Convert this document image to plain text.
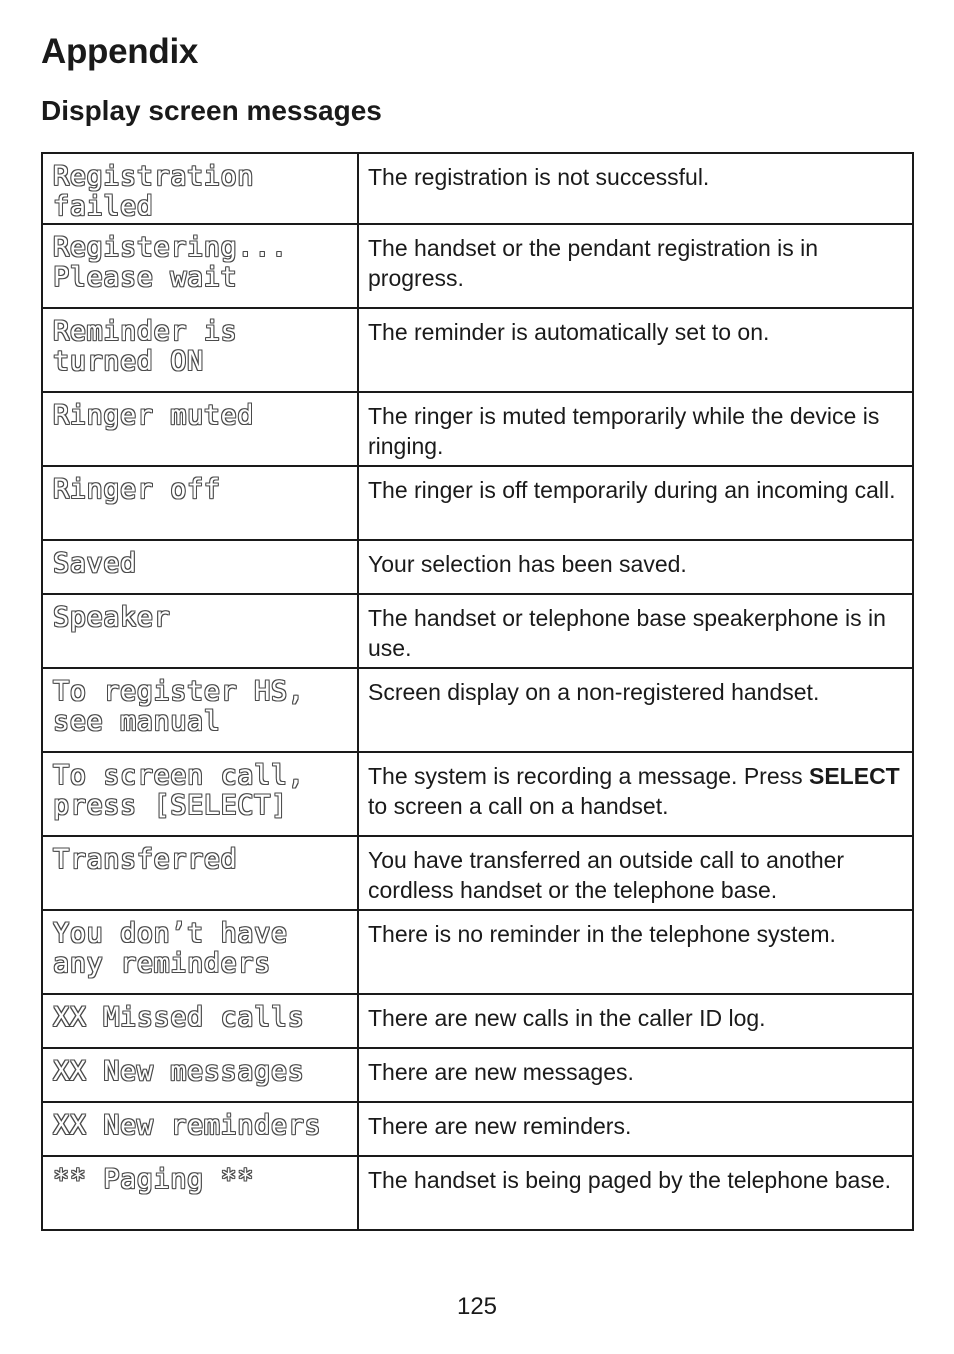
Appendix
Display screen messages
Registration
failed	The registration is not successful.

Registering...
Please wait	The handset or the pendant registration is in progress.

Reminder is
turned ON	The reminder is automatically set to on.

Ringer muted	The ringer is muted temporarily while the device is ringing.

Ringer off	The ringer is off temporarily during an incoming call.

Saved	Your selection has been saved.

Speaker	The handset or telephone base speakerphone is in use.

To register HS,
see manual	Screen display on a non-registered handset.

To screen call,
press [SELECT]	The system is recording a message. Press SELECT to screen a call on a handset.

Transferred	You have transferred an outside call to another cordless handset or the telephone base.

You don’t have
any reminders	There is no reminder in the telephone system.

XX Missed calls	There are new calls in the caller ID log.

XX New messages	There are new messages.

XX New reminders	There are new reminders.

** Paging **	The handset is being paged by the telephone base.
125
